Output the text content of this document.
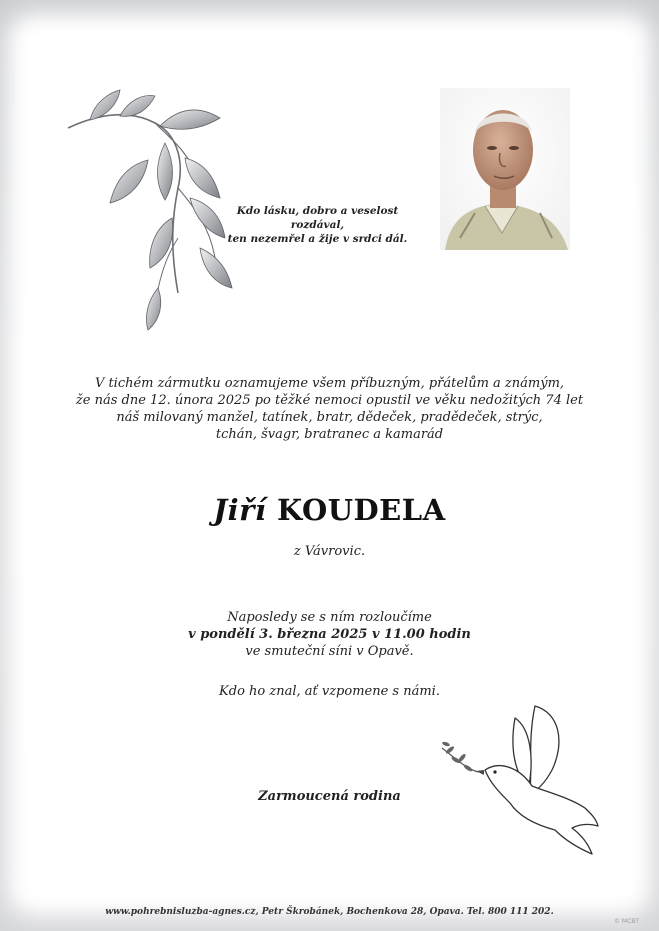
Kdo lásku, dobro a veselost rozdával,
ten nezemřel a žije v srdci dál.
V tichém zármutku oznamujeme všem příbuzným, přátelům a známým,
že nás dne 12. února 2025 po těžké nemoci opustil ve věku nedožitých 74 let
náš milovaný manžel, tatínek, bratr, dědeček, pradědeček, strýc,
tchán, švagr, bratranec a kamarád
Jiří KOUDELA
z Vávrovic.
Naposledy se s ním rozloučíme
v pondělí 3. března 2025 v 11.00 hodin
ve smuteční síni v Opavě.
Kdo ho znal, ať vzpomene s námi.
Zarmoucená rodina
www.pohrebnisluzba-agnes.cz, Petr Škrobánek, Bochenkova 28, Opava. Tel. 800 111 202.
© MCBT
